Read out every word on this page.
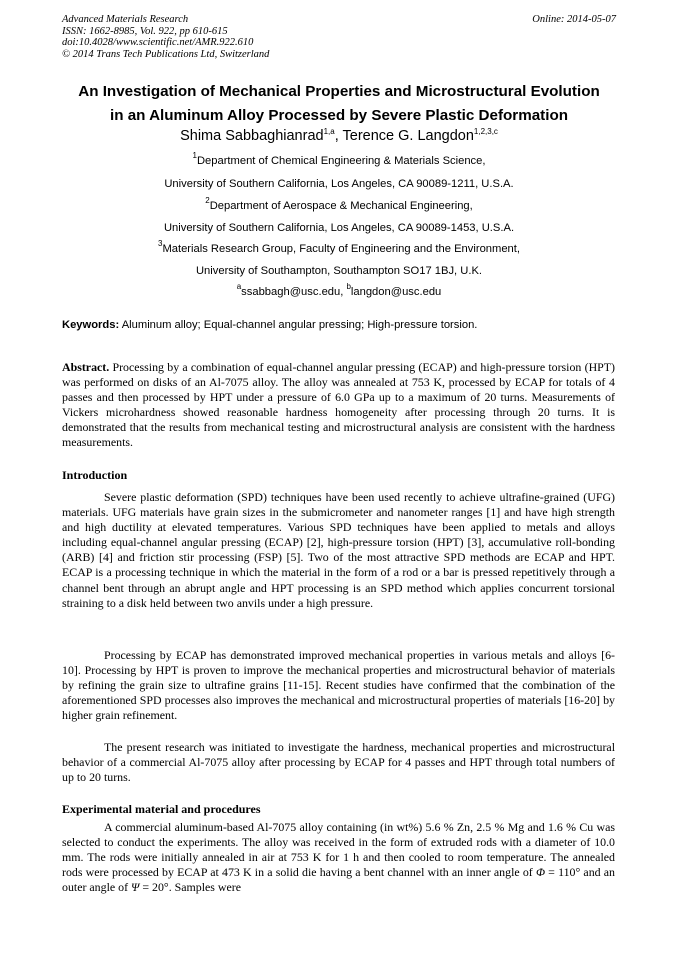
Advanced Materials Research
ISSN: 1662-8985, Vol. 922, pp 610-615
doi:10.4028/www.scientific.net/AMR.922.610
© 2014 Trans Tech Publications Ltd, Switzerland
Online: 2014-05-07
An Investigation of Mechanical Properties and Microstructural Evolution
in an Aluminum Alloy Processed by Severe Plastic Deformation
Shima Sabbaghianrad$^{1,a}$, Terence G. Langdon$^{1,2,3,c}$
$^1$Department of Chemical Engineering & Materials Science,
University of Southern California, Los Angeles, CA 90089-1211, U.S.A.
$^2$Department of Aerospace & Mechanical Engineering,
University of Southern California, Los Angeles, CA 90089-1453, U.S.A.
$^3$Materials Research Group, Faculty of Engineering and the Environment,
University of Southampton, Southampton SO17 1BJ, U.K.
$^a$ssabbagh@usc.edu, $^b$langdon@usc.edu
Keywords: Aluminum alloy; Equal-channel angular pressing; High-pressure torsion.
Abstract. Processing by a combination of equal-channel angular pressing (ECAP) and high-pressure torsion (HPT) was performed on disks of an Al-7075 alloy. The alloy was annealed at 753 K, processed by ECAP for totals of 4 passes and then processed by HPT under a pressure of 6.0 GPa up to a maximum of 20 turns. Measurements of Vickers microhardness showed reasonable hardness homogeneity after processing through 20 turns. It is demonstrated that the results from mechanical testing and microstructural analysis are consistent with the hardness measurements.
Introduction
Severe plastic deformation (SPD) techniques have been used recently to achieve ultrafine-grained (UFG) materials. UFG materials have grain sizes in the submicrometer and nanometer ranges [1] and have high strength and high ductility at elevated temperatures. Various SPD techniques have been applied to metals and alloys including equal-channel angular pressing (ECAP) [2], high-pressure torsion (HPT) [3], accumulative roll-bonding (ARB) [4] and friction stir processing (FSP) [5]. Two of the most attractive SPD methods are ECAP and HPT. ECAP is a processing technique in which the material in the form of a rod or a bar is pressed repetitively through a channel bent through an abrupt angle and HPT processing is an SPD method which applies concurrent torsional straining to a disk held between two anvils under a high pressure.
Processing by ECAP has demonstrated improved mechanical properties in various metals and alloys [6-10]. Processing by HPT is proven to improve the mechanical properties and microstructural behavior of materials by refining the grain size to ultrafine grains [11-15]. Recent studies have confirmed that the combination of the aforementioned SPD processes also improves the mechanical and microstructural properties of materials [16-20] by higher grain refinement.
The present research was initiated to investigate the hardness, mechanical properties and microstructural behavior of a commercial Al-7075 alloy after processing by ECAP for 4 passes and HPT through total numbers of up to 20 turns.
Experimental material and procedures
A commercial aluminum-based Al-7075 alloy containing (in wt%) 5.6 % Zn, 2.5 % Mg and 1.6 % Cu was selected to conduct the experiments. The alloy was received in the form of extruded rods with a diameter of 10.0 mm. The rods were initially annealed in air at 753 K for 1 h and then cooled to room temperature. The annealed rods were processed by ECAP at 473 K in a solid die having a bent channel with an inner angle of Φ = 110° and an outer angle of Ψ = 20°. Samples were
